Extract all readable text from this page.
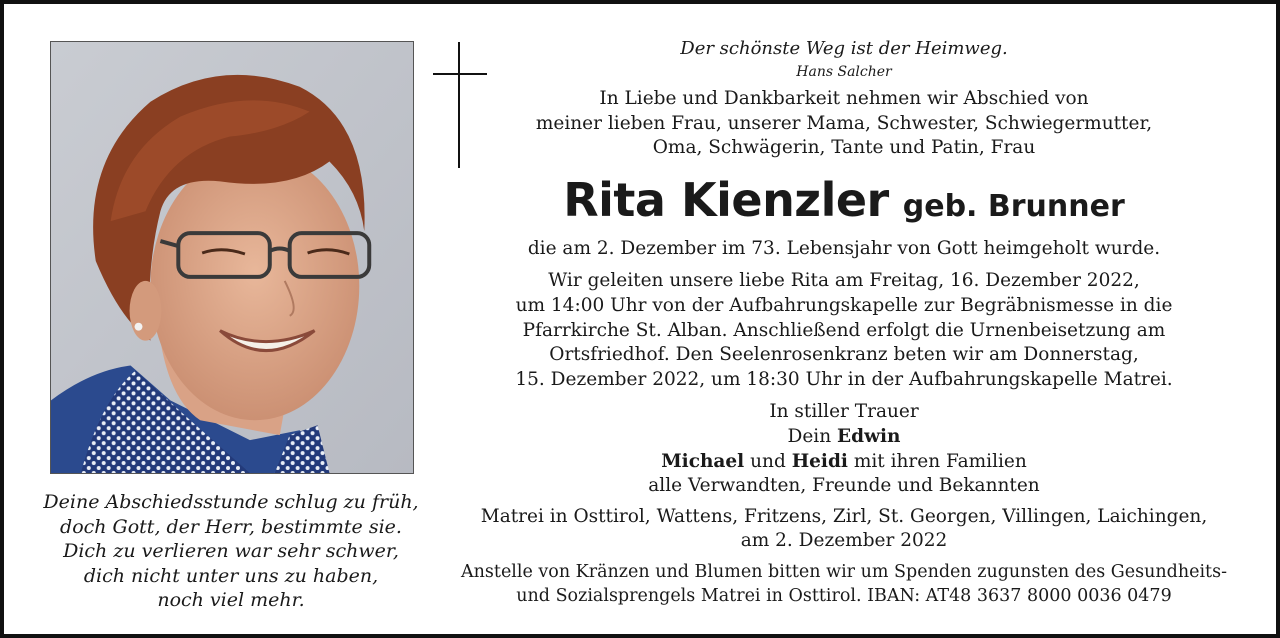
Deine Abschiedsstunde schlug zu früh,
doch Gott, der Herr, bestimmte sie.
Dich zu verlieren war sehr schwer,
dich nicht unter uns zu haben,
noch viel mehr.
Der schönste Weg ist der Heimweg.
Hans Salcher
In Liebe und Dankbarkeit nehmen wir Abschied von
meiner lieben Frau, unserer Mama, Schwester, Schwiegermutter,
Oma, Schwägerin, Tante und Patin, Frau
Rita Kienzler geb. Brunner
die am 2. Dezember im 73. Lebensjahr von Gott heimgeholt wurde.
Wir geleiten unsere liebe Rita am Freitag, 16. Dezember 2022,
um 14:00 Uhr von der Aufbahrungskapelle zur Begräbnismesse in die
Pfarrkirche St. Alban. Anschließend erfolgt die Urnenbeisetzung am
Ortsfriedhof. Den Seelenrosenkranz beten wir am Donnerstag,
15. Dezember 2022, um 18:30 Uhr in der Aufbahrungskapelle Matrei.
In stiller Trauer
Dein Edwin
Michael und Heidi mit ihren Familien
alle Verwandten, Freunde und Bekannten
Matrei in Osttirol, Wattens, Fritzens, Zirl, St. Georgen, Villingen, Laichingen,
am 2. Dezember 2022
Anstelle von Kränzen und Blumen bitten wir um Spenden zugunsten des Gesundheits-
und Sozialsprengels Matrei in Osttirol. IBAN: AT48 3637 8000 0036 0479
